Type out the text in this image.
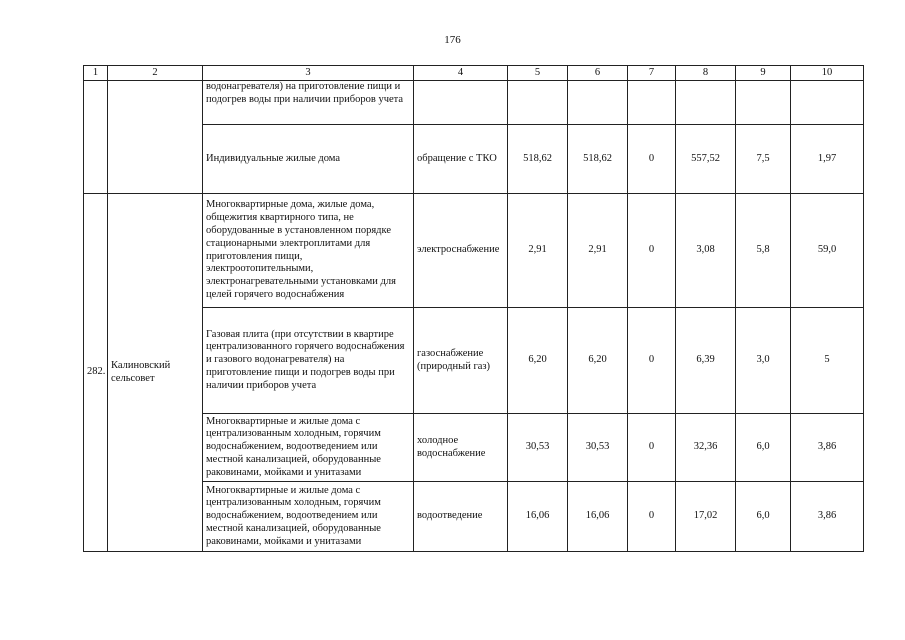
176
1	2	3	4	5	6	7	8	9	10
		водонагревателя) на приготовление пищи и подогрев воды при наличии приборов учета							
		Индивидуальные жилые дома	обращение с ТКО	518,62	518,62	0	557,52	7,5	1,97
282.	Калиновский сельсовет	Многоквартирные дома, жилые дома, общежития квартирного типа, не оборудованные в установленном порядке стационарными электроплитами для приготовления пищи, электроотопительными, электронагревательными установками для целей горячего водоснабжения	электроснабжение	2,91	2,91	0	3,08	5,8	59,0
		Газовая плита (при отсутствии в квартире централизованного горячего водоснабжения и газового водонагревателя) на приготовление пищи и подогрев воды при наличии приборов учета	газоснабжение (природный газ)	6,20	6,20	0	6,39	3,0	5
		Многоквартирные и жилые дома с централизованным холодным, горячим водоснабжением, водоотведением или местной канализацией, оборудованные раковинами, мойками и унитазами	холодное водоснабжение	30,53	30,53	0	32,36	6,0	3,86
		Многоквартирные и жилые дома с централизованным холодным, горячим водоснабжением, водоотведением или местной канализацией, оборудованные раковинами, мойками и унитазами	водоотведение	16,06	16,06	0	17,02	6,0	3,86
